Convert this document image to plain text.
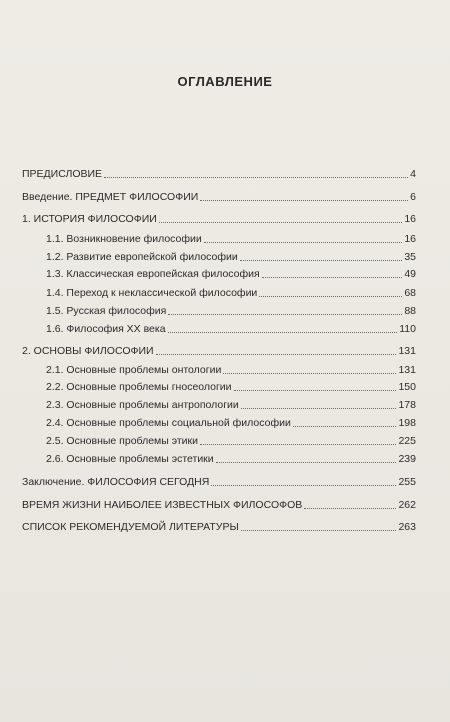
ОГЛАВЛЕНИЕ
ПРЕДИСЛОВИЕ	4
Введение. ПРЕДМЕТ ФИЛОСОФИИ	6
1. ИСТОРИЯ ФИЛОСОФИИ	16
1.1. Возникновение философии	16
1.2. Развитие европейской философии	35
1.3. Классическая европейская философия	49
1.4. Переход к неклассической философии	68
1.5. Русская философия	88
1.6. Философия XX века	110
2. ОСНОВЫ ФИЛОСОФИИ	131
2.1. Основные проблемы онтологии	131
2.2. Основные проблемы гносеологии	150
2.3. Основные проблемы антропологии	178
2.4. Основные проблемы социальной философии	198
2.5. Основные проблемы этики	225
2.6. Основные проблемы эстетики	239
Заключение. ФИЛОСОФИЯ СЕГОДНЯ	255
ВРЕМЯ ЖИЗНИ НАИБОЛЕЕ ИЗВЕСТНЫХ ФИЛОСОФОВ	262
СПИСОК РЕКОМЕНДУЕМОЙ ЛИТЕРАТУРЫ	263
